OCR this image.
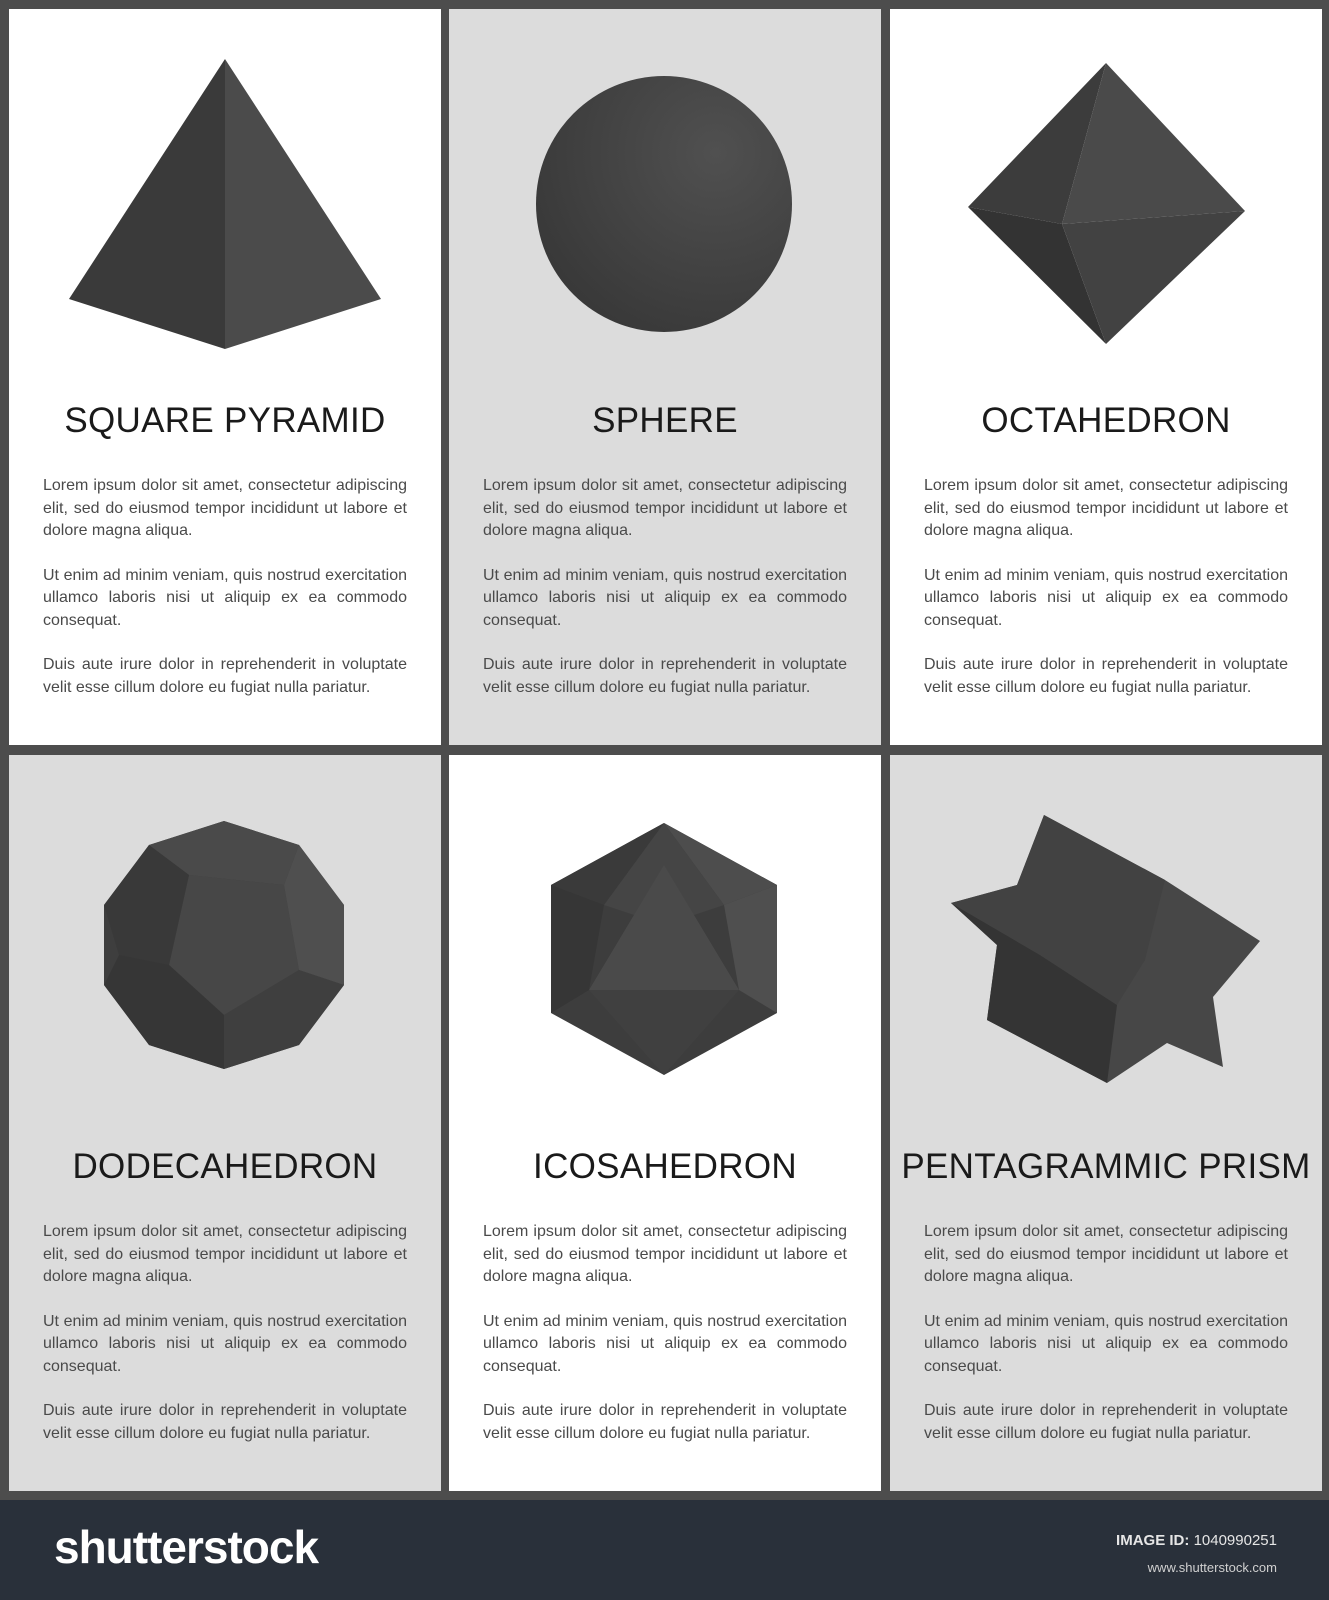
SQUARE PYRAMID

Lorem ipsum dolor sit amet, consectetur adipiscing elit, sed do eiusmod tempor incididunt ut labore et dolore magna aliqua.

Ut enim ad minim veniam, quis nostrud exercitation ullamco laboris nisi ut aliquip ex ea commodo consequat.

Duis aute irure dolor in reprehenderit in voluptate velit esse cillum dolore eu fugiat nulla pariatur.

SPHERE

Lorem ipsum dolor sit amet, consectetur adipiscing elit, sed do eiusmod tempor incididunt ut labore et dolore magna aliqua.

Ut enim ad minim veniam, quis nostrud exercitation ullamco laboris nisi ut aliquip ex ea commodo consequat.

Duis aute irure dolor in reprehenderit in voluptate velit esse cillum dolore eu fugiat nulla pariatur.

OCTAHEDRON

Lorem ipsum dolor sit amet, consectetur adipiscing elit, sed do eiusmod tempor incididunt ut labore et dolore magna aliqua.

Ut enim ad minim veniam, quis nostrud exercitation ullamco laboris nisi ut aliquip ex ea commodo consequat.

Duis aute irure dolor in reprehenderit in voluptate velit esse cillum dolore eu fugiat nulla pariatur.

DODECAHEDRON

Lorem ipsum dolor sit amet, consectetur adipiscing elit, sed do eiusmod tempor incididunt ut labore et dolore magna aliqua.

Ut enim ad minim veniam, quis nostrud exercitation ullamco laboris nisi ut aliquip ex ea commodo consequat.

Duis aute irure dolor in reprehenderit in voluptate velit esse cillum dolore eu fugiat nulla pariatur.

ICOSAHEDRON

Lorem ipsum dolor sit amet, consectetur adipiscing elit, sed do eiusmod tempor incididunt ut labore et dolore magna aliqua.

Ut enim ad minim veniam, quis nostrud exercitation ullamco laboris nisi ut aliquip ex ea commodo consequat.

Duis aute irure dolor in reprehenderit in voluptate velit esse cillum dolore eu fugiat nulla pariatur.

PENTAGRAMMIC PRISM

Lorem ipsum dolor sit amet, consectetur adipiscing elit, sed do eiusmod tempor incididunt ut labore et dolore magna aliqua.

Ut enim ad minim veniam, quis nostrud exercitation ullamco laboris nisi ut aliquip ex ea commodo consequat.

Duis aute irure dolor in reprehenderit in voluptate velit esse cillum dolore eu fugiat nulla pariatur.

shutterstock	IMAGE ID: 1040990251
www.shutterstock.com
